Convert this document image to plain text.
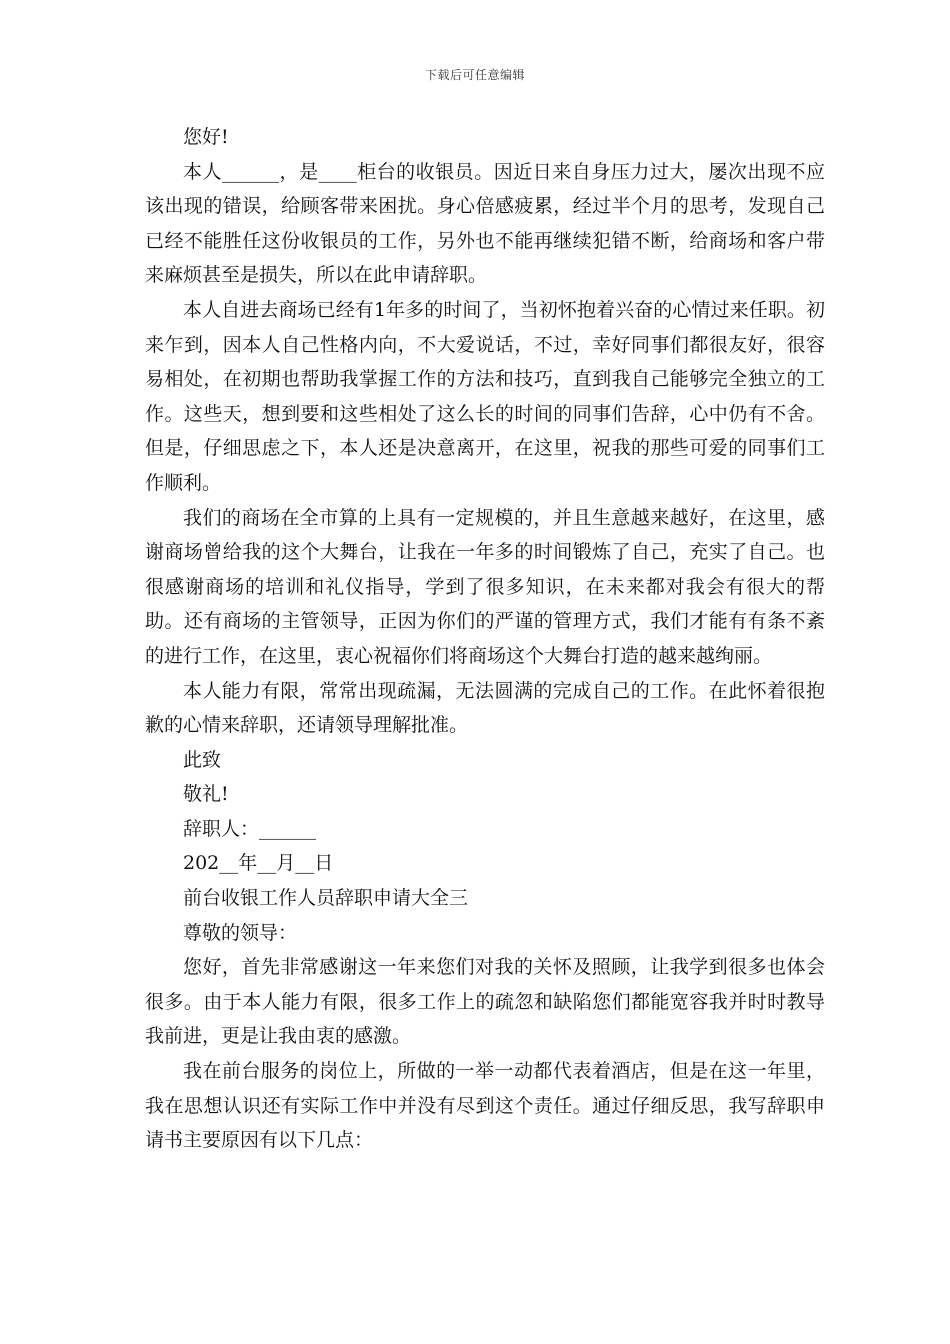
下载后可任意编辑

您好!

本人______，是____柜台的收银员。因近日来自身压力过大，屡次出现不应该出现的错误，给顾客带来困扰。身心倍感疲累，经过半个月的思考，发现自己已经不能胜任这份收银员的工作，另外也不能再继续犯错不断，给商场和客户带来麻烦甚至是损失，所以在此申请辞职。

本人自进去商场已经有1年多的时间了，当初怀抱着兴奋的心情过来任职。初来乍到，因本人自己性格内向，不大爱说话，不过，幸好同事们都很友好，很容易相处，在初期也帮助我掌握工作的方法和技巧，直到我自己能够完全独立的工作。这些天，想到要和这些相处了这么长的时间的同事们告辞，心中仍有不舍。但是，仔细思虑之下，本人还是决意离开，在这里，祝我的那些可爱的同事们工作顺利。

我们的商场在全市算的上具有一定规模的，并且生意越来越好，在这里，感谢商场曾给我的这个大舞台，让我在一年多的时间锻炼了自己，充实了自己。也很感谢商场的培训和礼仪指导，学到了很多知识，在未来都对我会有很大的帮助。还有商场的主管领导，正因为你们的严谨的管理方式，我们才能有有条不紊的进行工作，在这里，衷心祝福你们将商场这个大舞台打造的越来越绚丽。

本人能力有限，常常出现疏漏，无法圆满的完成自己的工作。在此怀着很抱歉的心情来辞职，还请领导理解批准。

此致

敬礼!

辞职人：______

202__年__月__日

前台收银工作人员辞职申请大全三

尊敬的领导：

您好，首先非常感谢这一年来您们对我的关怀及照顾，让我学到很多也体会很多。由于本人能力有限，很多工作上的疏忽和缺陷您们都能宽容我并时时教导我前进，更是让我由衷的感激。

我在前台服务的岗位上，所做的一举一动都代表着酒店，但是在这一年里，我在思想认识还有实际工作中并没有尽到这个责任。通过仔细反思，我写辞职申请书主要原因有以下几点：
